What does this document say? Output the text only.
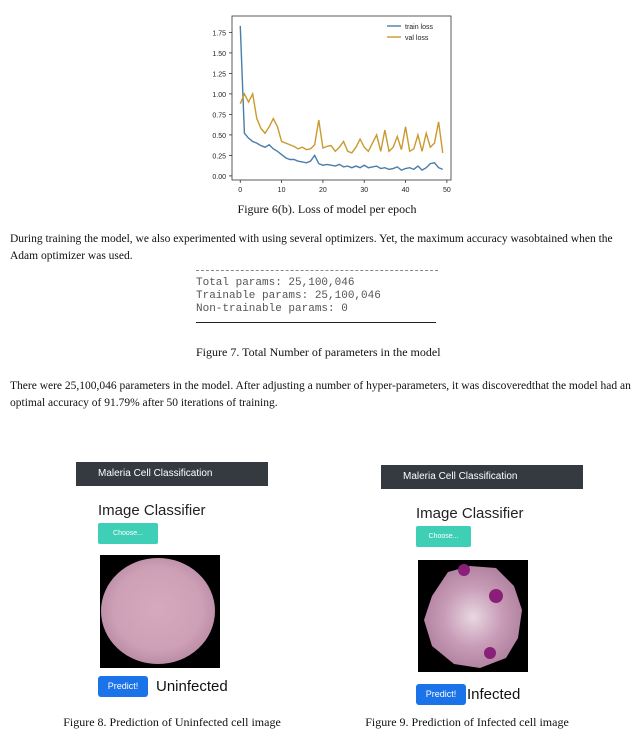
0.00
0.25
0.50
0.75
1.00
1.25
1.50
1.75
0	10	20	30	40	50
train loss
val loss
Figure 6(b). Loss of model per epoch
During training the model, we also experimented with using several optimizers. Yet, the maximum accuracy wasobtained when the Adam optimizer was used.
Total params: 25,100,046
Trainable params: 25,100,046
Non-trainable params: 0
Figure 7. Total Number of parameters in the model
There were 25,100,046 parameters in the model. After adjusting a number of hyper-parameters, it was discoveredthat the model had an optimal accuracy of 91.79% after 50 iterations of training.
Maleria Cell Classification
Image Classifier
Choose...
Predict!	Uninfected
Figure 8. Prediction of Uninfected cell image
Maleria Cell Classification
Image Classifier
Choose...
Predict! Infected
Figure 9. Prediction of Infected cell image
